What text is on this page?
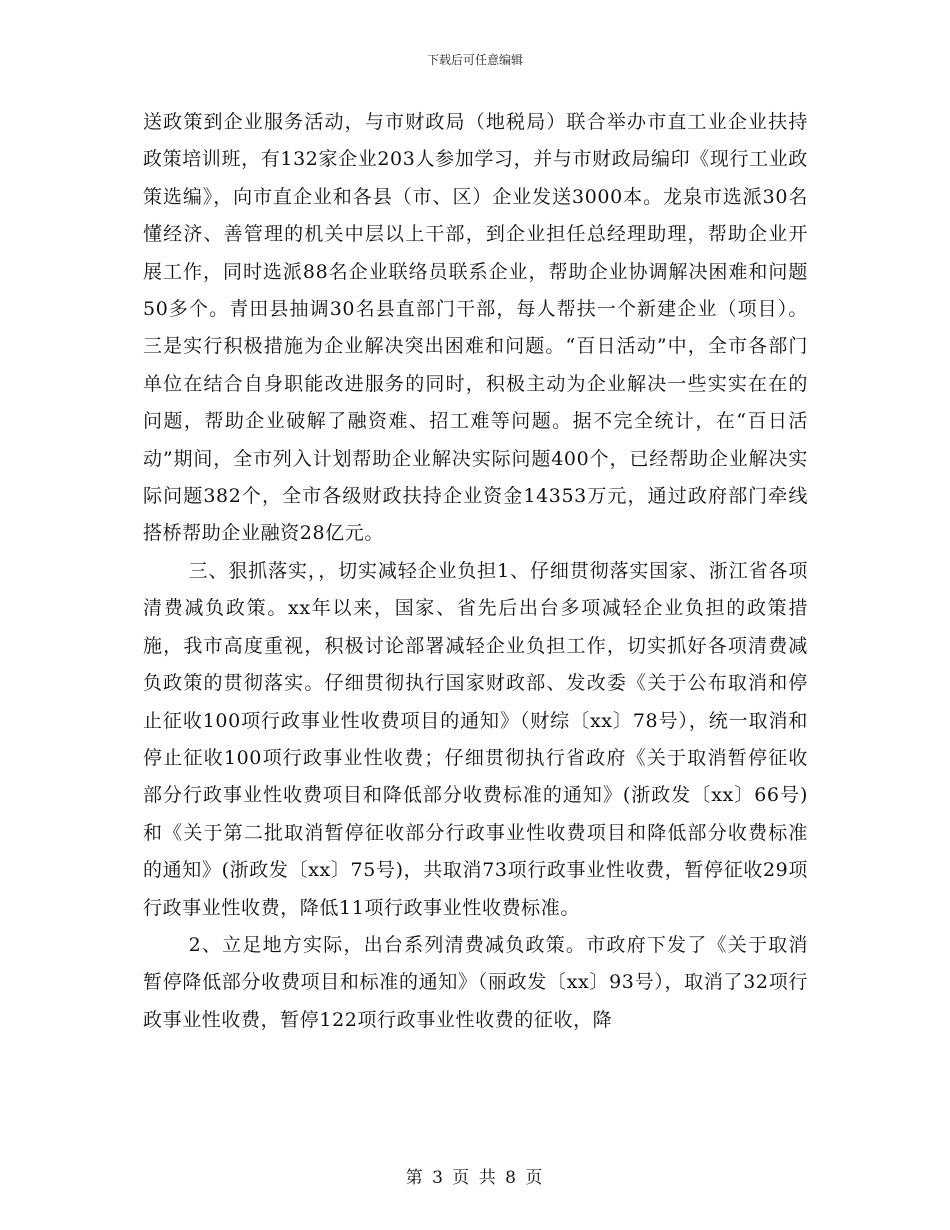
下载后可任意编辑

送政策到企业服务活动，与市财政局（地税局）联合举办市直工业企业扶持政策培训班，有132家企业203人参加学习，并与市财政局编印《现行工业政策选编》，向市直企业和各县（市、区）企业发送3000本。龙泉市选派30名懂经济、善管理的机关中层以上干部，到企业担任总经理助理，帮助企业开展工作，同时选派88名企业联络员联系企业，帮助企业协调解决困难和问题50多个。青田县抽调30名县直部门干部，每人帮扶一个新建企业（项目）。三是实行积极措施为企业解决突出困难和问题。“百日活动”中，全市各部门单位在结合自身职能改进服务的同时，积极主动为企业解决一些实实在在的问题，帮助企业破解了融资难、招工难等问题。据不完全统计，在“百日活动”期间，全市列入计划帮助企业解决实际问题400个，已经帮助企业解决实际问题382个，全市各级财政扶持企业资金14353万元，通过政府部门牵线搭桥帮助企业融资28亿元。

三、狠抓落实，，切实减轻企业负担1、仔细贯彻落实国家、浙江省各项清费减负政策。xx年以来，国家、省先后出台多项减轻企业负担的政策措施，我市高度重视，积极讨论部署减轻企业负担工作，切实抓好各项清费减负政策的贯彻落实。仔细贯彻执行国家财政部、发改委《关于公布取消和停止征收100项行政事业性收费项目的通知》（财综〔xx〕78号），统一取消和停止征收100项行政事业性收费；仔细贯彻执行省政府《关于取消暂停征收部分行政事业性收费项目和降低部分收费标准的通知》(浙政发〔xx〕66号)和《关于第二批取消暂停征收部分行政事业性收费项目和降低部分收费标准的通知》(浙政发〔xx〕75号)，共取消73项行政事业性收费，暂停征收29项行政事业性收费，降低11项行政事业性收费标准。

2、立足地方实际，出台系列清费减负政策。市政府下发了《关于取消暂停降低部分收费项目和标准的通知》（丽政发〔xx〕93号），取消了32项行政事业性收费，暂停122项行政事业性收费的征收，降

第 3 页 共 8 页
